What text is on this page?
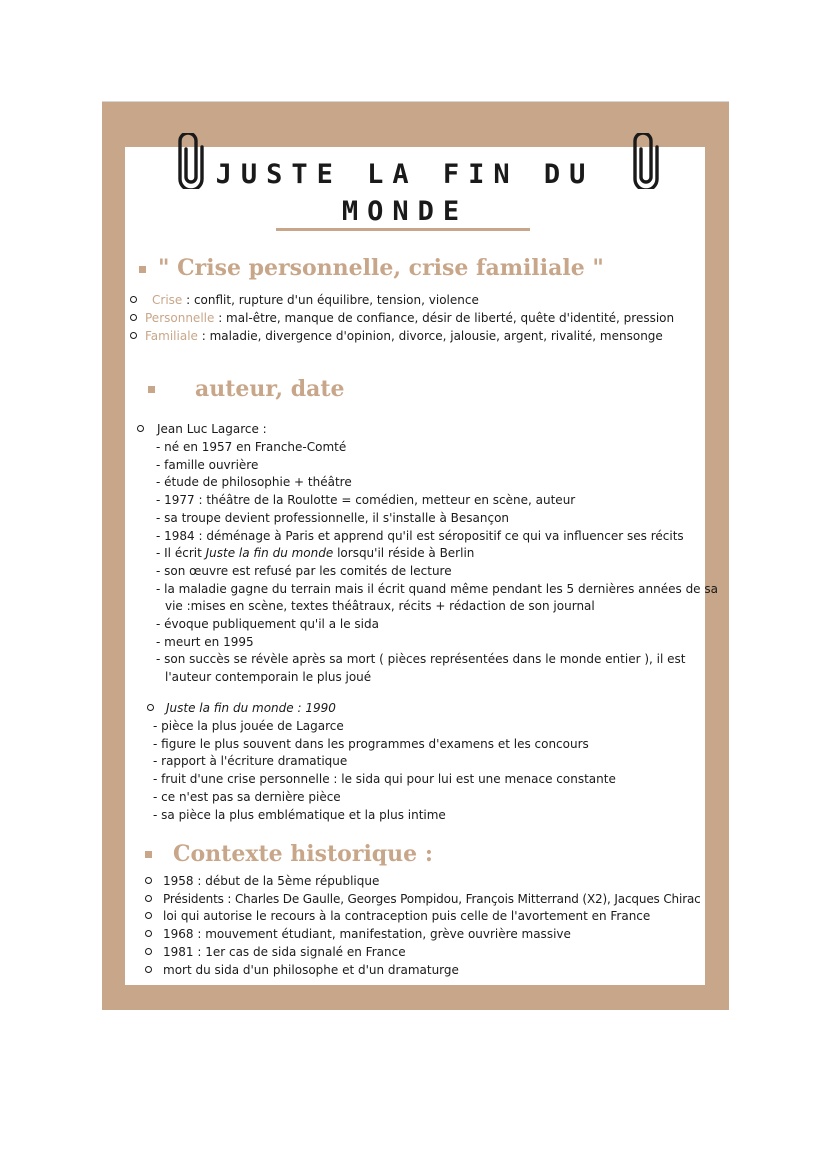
JUSTE LA FIN DU
MONDE
" Crise personnelle, crise familiale "
Crise : conflit, rupture d'un équilibre, tension, violence
Personnelle : mal-être, manque de confiance, désir de liberté, quête d'identité, pression
Familiale : maladie, divergence d'opinion, divorce, jalousie, argent, rivalité, mensonge
auteur, date
Jean Luc Lagarce :
- né en 1957 en Franche-Comté
- famille ouvrière
- étude de philosophie + théâtre
- 1977 : théâtre de la Roulotte = comédien, metteur en scène, auteur
- sa troupe devient professionnelle, il s'installe à Besançon
- 1984 : déménage à Paris et apprend qu'il est séropositif ce qui va influencer ses récits
- Il écrit Juste la fin du monde lorsqu'il réside à Berlin
- son œuvre est refusé par les comités de lecture
- la maladie gagne du terrain mais il écrit quand même pendant les 5 dernières années de sa
vie :mises en scène, textes théâtraux, récits + rédaction de son journal
- évoque publiquement qu'il a le sida
- meurt en 1995
- son succès se révèle après sa mort ( pièces représentées dans le monde entier ), il est
l'auteur contemporain le plus joué
Juste la fin du monde : 1990
- pièce la plus jouée de Lagarce
- figure le plus souvent dans les programmes d'examens et les concours
- rapport à l'écriture dramatique
- fruit d'une crise personnelle : le sida qui pour lui est une menace constante
- ce n'est pas sa dernière pièce
- sa pièce la plus emblématique et la plus intime
Contexte historique :
1958 : début de la 5ème république
Présidents : Charles De Gaulle, Georges Pompidou, François Mitterrand (X2), Jacques Chirac
loi qui autorise le recours à la contraception puis celle de l'avortement en France
1968 : mouvement étudiant, manifestation, grève ouvrière massive
1981 : 1er cas de sida signalé en France
mort du sida d'un philosophe et d'un dramaturge
